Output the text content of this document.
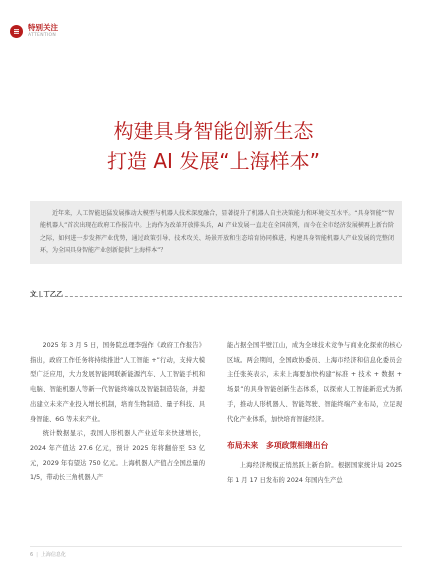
特别关注
ATTENTION
构建具身智能创新生态
打造 AI 发展“上海样本”

近年来，人工智能迅猛发展推动大模型与机器人技术深度融合，显著提升了机器人自主决策能力和环境交互水平。“具身智能”“智能机器人”首次出现在政府工作报告中。上海作为改革开放排头兵，AI 产业发展一直走在全国前列，而今在全市经济发展横再上新台阶之际，如何进一步发挥产业优势，通过政策引导、技术攻关、场景开放和生态培育协同推进，构建具身智能机器人产业发展的完整闭环，为全国具身智能产业创新提供“上海样本”？

文 | 丁乙乙

2025 年 3 月 5 日，国务院总理李强作《政府工作报告》指出，政府工作任务将持续推进“人工智能 +”行动，支持大模型广泛应用，大力发展智能网联新能源汽车、人工智能手机和电脑、智能机器人等新一代智能终端以及智能制造装备，并提出建立未来产业投入增长机制，培育生物制造、量子科技、具身智能、6G 等未来产业。

统计数据显示，我国人形机器人产业近年来快速增长，2024 年产值达 27.6 亿元，预计 2025 年将翻倍至 53 亿元，2029 年有望达 750 亿元。上海机器人产值占全国总量的 1/5，带动长三角机器人产

能占据全国半壁江山，成为全球技术竞争与商业化探索的核心区域。两会期间，全国政协委员、上海市经济和信息化委员会主任张英表示，未来上海要加快构建“标准 + 技术 + 数据 + 场景”的具身智能创新生态体系，以探索人工智能新范式为抓手，推动人形机器人、智能驾驶、智能终端产业布局，立足现代化产业体系，加快培育智能经济。

布局未来　多项政策相继出台

上海经济规模正悄然跃上新台阶。根据国家统计局 2025 年 1 月 17 日发布的 2024 年国内生产总

6 | 上海信息化
